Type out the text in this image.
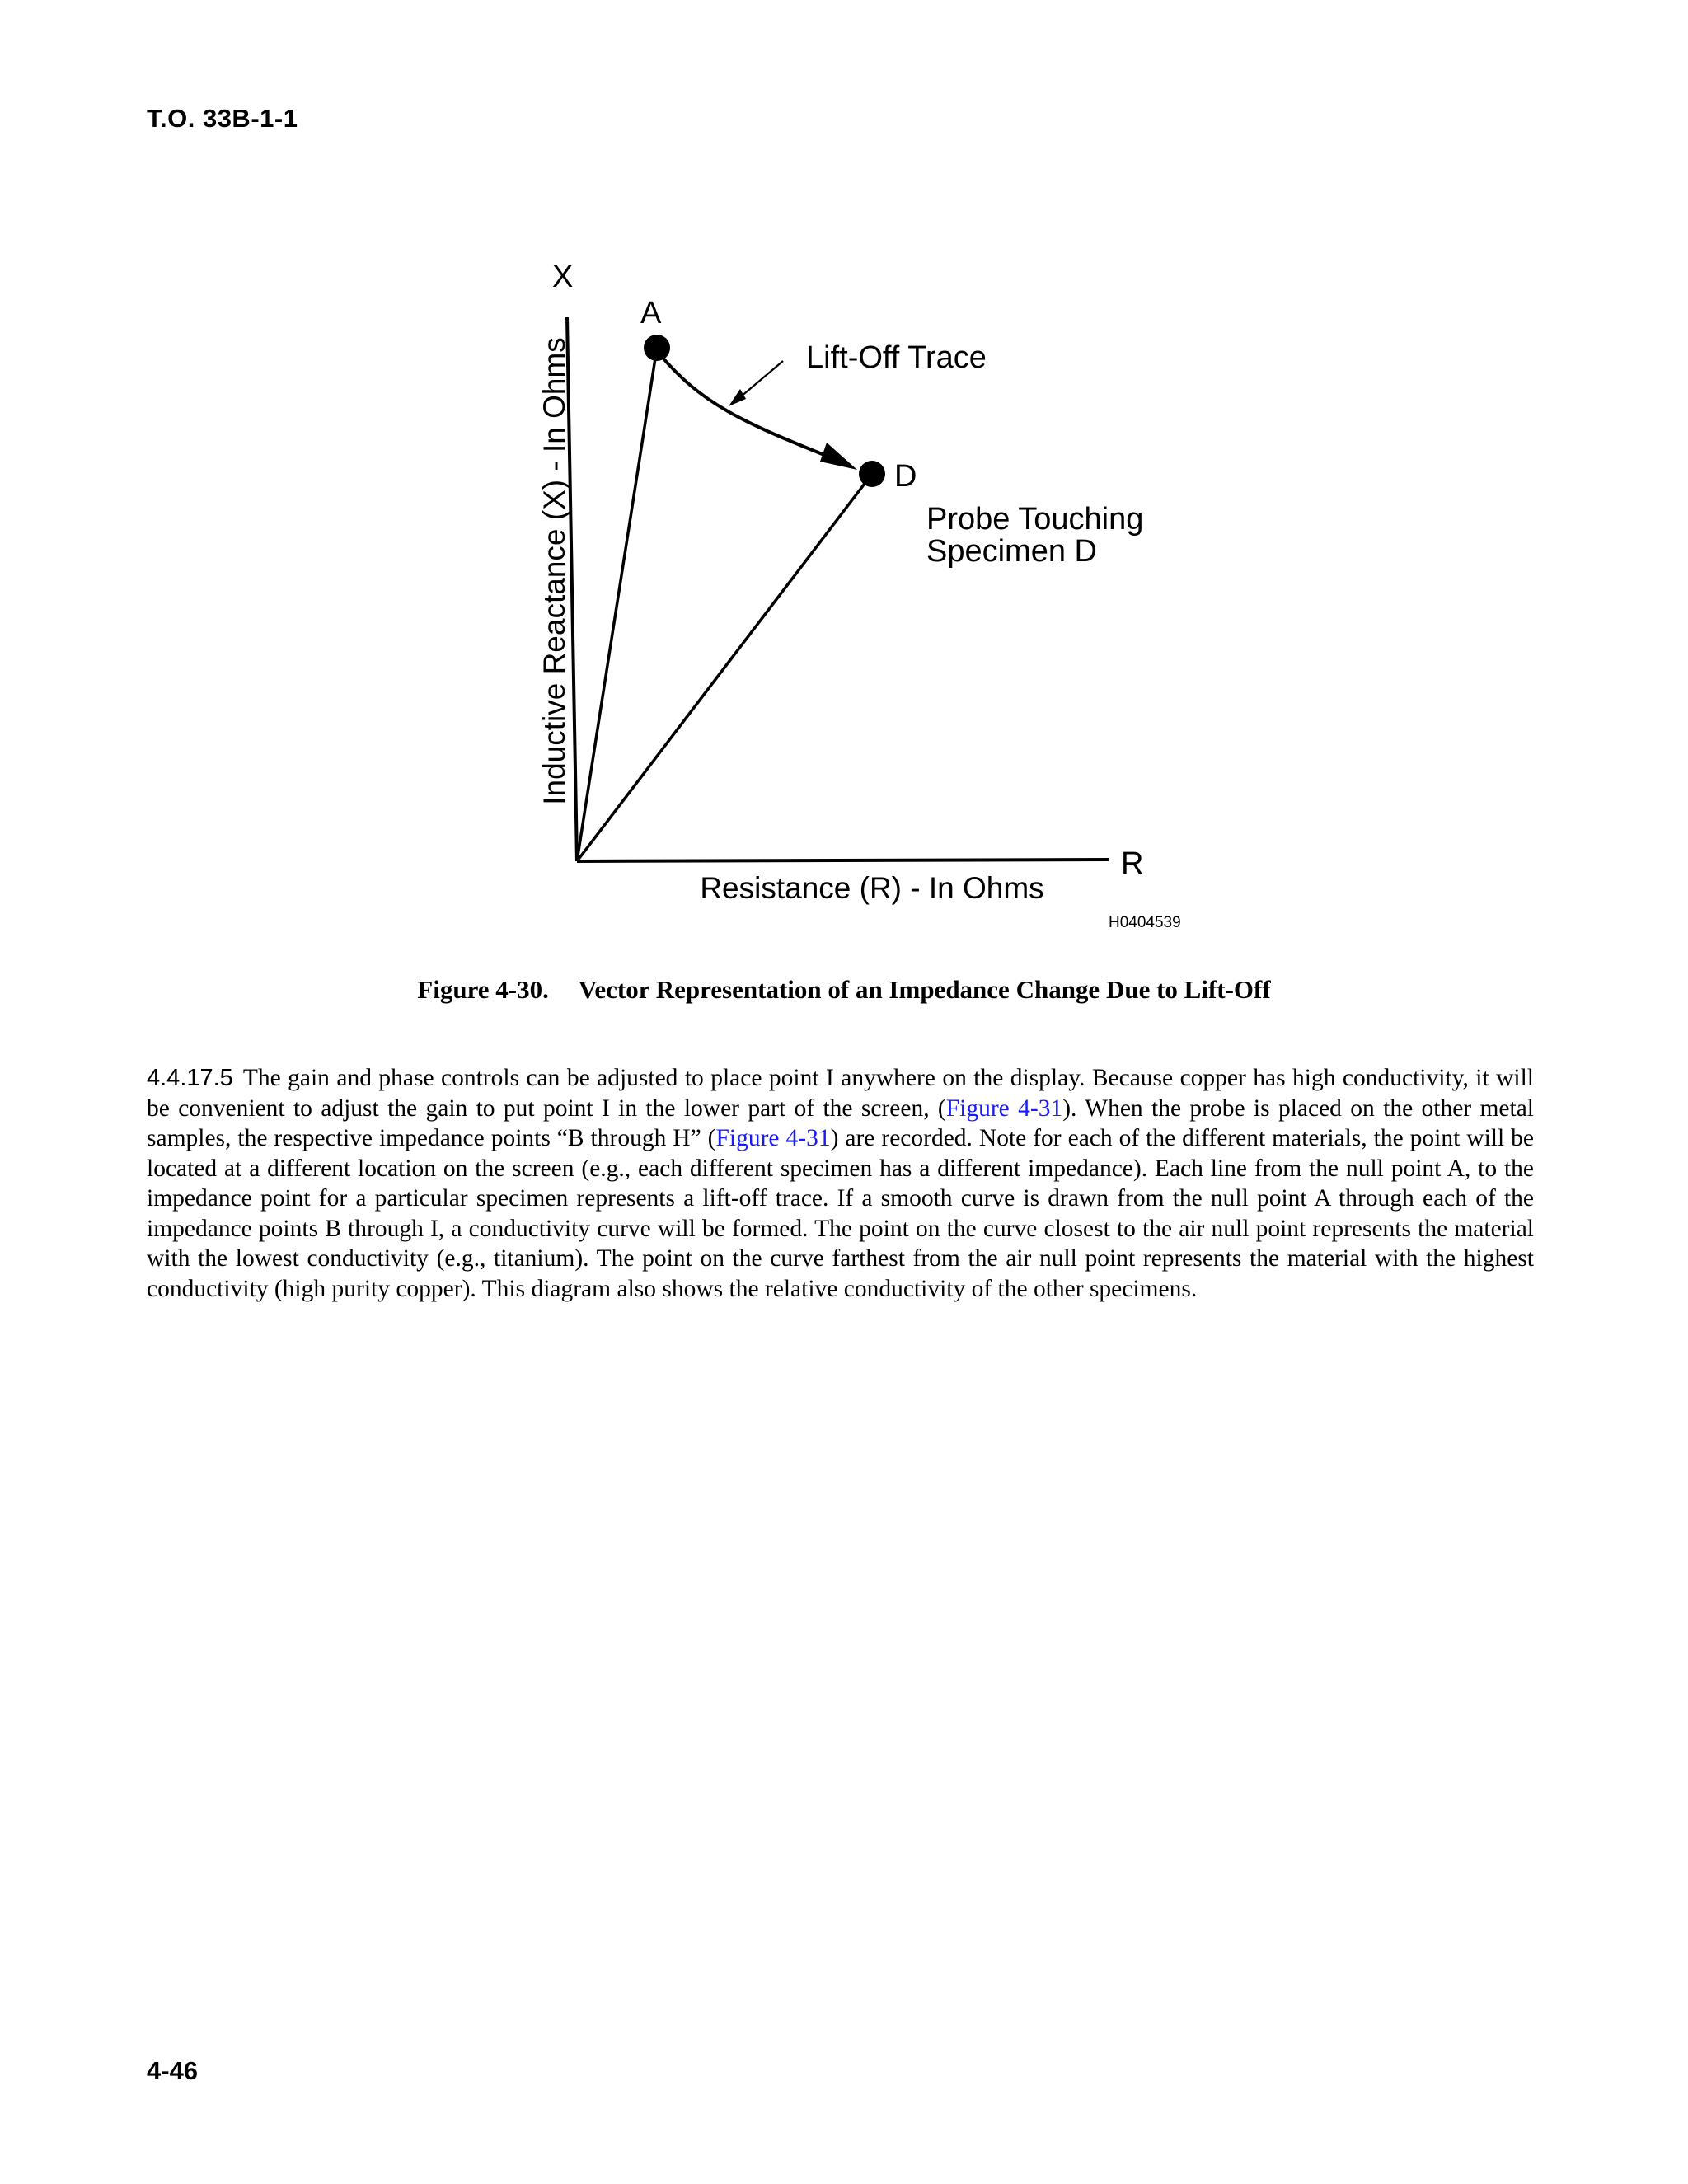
T.O. 33B-1-1
X
R
A
D
Lift-Off Trace
Probe Touching
Specimen D
Inductive Reactance (X) - In Ohms
Resistance (R) - In Ohms
H0404539
Figure 4-30. Vector Representation of an Impedance Change Due to Lift-Off
4.4.17.5 The gain and phase controls can be adjusted to place point I anywhere on the display. Because copper has high conductivity, it will be convenient to adjust the gain to put point I in the lower part of the screen, (Figure 4-31). When the probe is placed on the other metal samples, the respective impedance points “B through H” (Figure 4-31) are recorded. Note for each of the different materials, the point will be located at a different location on the screen (e.g., each different specimen has a different impedance). Each line from the null point A, to the impedance point for a particular specimen represents a lift-off trace. If a smooth curve is drawn from the null point A through each of the impedance points B through I, a conductivity curve will be formed. The point on the curve closest to the air null point represents the material with the lowest conductivity (e.g., titanium). The point on the curve farthest from the air null point represents the material with the highest conductivity (high purity copper). This diagram also shows the relative conductivity of the other specimens.
4-46
